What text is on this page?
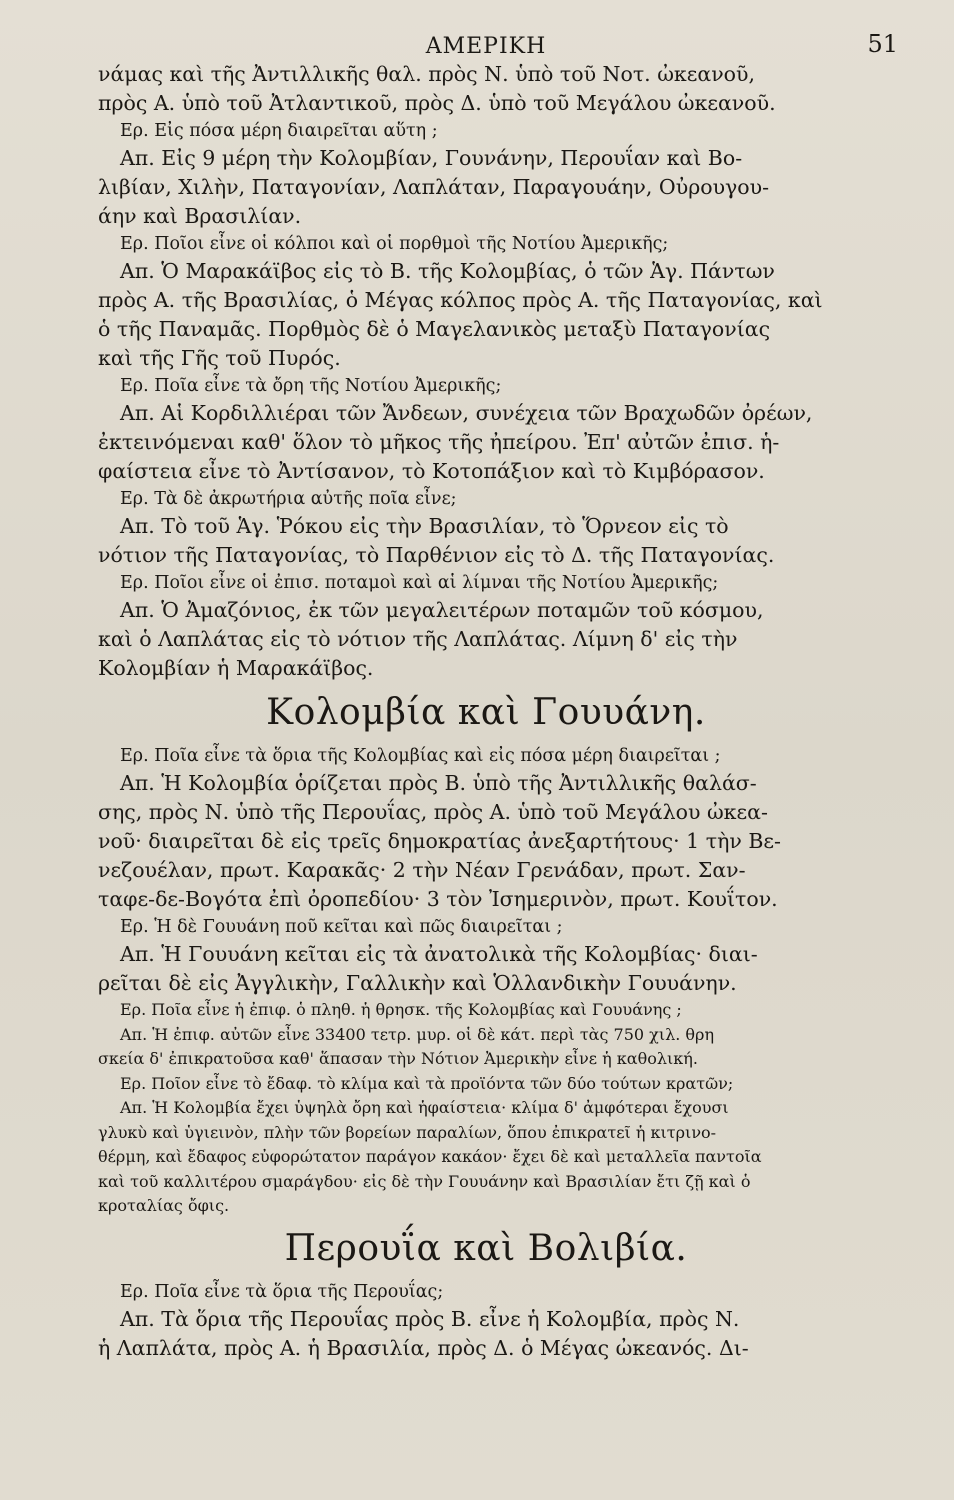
ΑΜΕΡΙΚΗ	51
νάμας καὶ τῆς Ἀντιλλικῆς θαλ. πρὸς Ν. ὑπὸ τοῦ Νοτ. ὠκεανοῦ,
πρὸς Α. ὑπὸ τοῦ Ἀτλαντικοῦ, πρὸς Δ. ὑπὸ τοῦ Μεγάλου ὠκεανοῦ.
Ερ. Εἰς πόσα μέρη διαιρεῖται αὕτη ;
Απ. Εἰς 9 μέρη τὴν Κολομβίαν, Γουνάνην, Περουΐαν καὶ Βο-
λιβίαν, Χιλὴν, Παταγονίαν, Λαπλάταν, Παραγουάην, Οὐρουγου-
άην καὶ Βρασιλίαν.
Ερ. Ποῖοι εἶνε οἱ κόλποι καὶ οἱ πορθμοὶ τῆς Νοτίου Ἀμερικῆς;
Απ. Ὁ Μαρακάϊβος εἰς τὸ Β. τῆς Κολομβίας, ὁ τῶν Ἁγ. Πάντων
πρὸς Α. τῆς Βρασιλίας, ὁ Μέγας κόλπος πρὸς Α. τῆς Παταγονίας, καὶ
ὁ τῆς Παναμᾶς. Πορθμὸς δὲ ὁ Μαγελανικὸς μεταξὺ Παταγονίας
καὶ τῆς Γῆς τοῦ Πυρός.
Ερ. Ποῖα εἶνε τὰ ὄρη τῆς Νοτίου Ἀμερικῆς;
Απ. Αἱ Κορδιλλιέραι τῶν Ἄνδεων, συνέχεια τῶν Βραχωδῶν ὀρέων,
ἐκτεινόμεναι καθ' ὅλον τὸ μῆκος τῆς ἠπείρου. Ἐπ' αὐτῶν ἐπισ. ἡ-
φαίστεια εἶνε τὸ Ἀντίσανον, τὸ Κοτοπάξιον καὶ τὸ Κιμβόρασον.
Ερ. Τὰ δὲ ἀκρωτήρια αὐτῆς ποῖα εἶνε;
Απ. Τὸ τοῦ Ἁγ. Ῥόκου εἰς τὴν Βρασιλίαν, τὸ Ὅρνεον εἰς τὸ
νότιον τῆς Παταγονίας, τὸ Παρθένιον εἰς τὸ Δ. τῆς Παταγονίας.
Ερ. Ποῖοι εἶνε οἱ ἐπισ. ποταμοὶ καὶ αἱ λίμναι τῆς Νοτίου Ἀμερικῆς;
Απ. Ὁ Ἀμαζόνιος, ἐκ τῶν μεγαλειτέρων ποταμῶν τοῦ κόσμου,
καὶ ὁ Λαπλάτας εἰς τὸ νότιον τῆς Λαπλάτας. Λίμνη δ' εἰς τὴν
Κολομβίαν ἡ Μαρακάϊβος.
Κολομβία καὶ Γουυάνη.
Ερ. Ποῖα εἶνε τὰ ὅρια τῆς Κολομβίας καὶ εἰς πόσα μέρη διαιρεῖται ;
Απ. Ἡ Κολομβία ὁρίζεται πρὸς Β. ὑπὸ τῆς Ἀντιλλικῆς θαλάσ-
σης, πρὸς Ν. ὑπὸ τῆς Περουΐας, πρὸς Α. ὑπὸ τοῦ Μεγάλου ὠκεα-
νοῦ· διαιρεῖται δὲ εἰς τρεῖς δημοκρατίας ἀνεξαρτήτους· 1 τὴν Βε-
νεζουέλαν, πρωτ. Καρακᾶς· 2 τὴν Νέαν Γρενάδαν, πρωτ. Σαν-
ταφε-δε-Βογότα ἐπὶ ὀροπεδίου· 3 τὸν Ἰσημερινὸν, πρωτ. Κουΐτον.
Ερ. Ἡ δὲ Γουυάνη ποῦ κεῖται καὶ πῶς διαιρεῖται ;
Απ. Ἡ Γουυάνη κεῖται εἰς τὰ ἀνατολικὰ τῆς Κολομβίας· διαι-
ρεῖται δὲ εἰς Ἀγγλικὴν, Γαλλικὴν καὶ Ὁλλανδικὴν Γουυάνην.
Ερ. Ποῖα εἶνε ἡ ἐπιφ. ὁ πληθ. ἡ θρησκ. τῆς Κολομβίας καὶ Γουυάνης ;
Απ. Ἡ ἐπιφ. αὐτῶν εἶνε 33400 τετρ. μυρ. οἱ δὲ κάτ. περὶ τὰς 750 χιλ. θρη
σκεία δ' ἐπικρατοῦσα καθ' ἅπασαν τὴν Νότιον Ἀμερικὴν εἶνε ἡ καθολική.
Ερ. Ποῖον εἶνε τὸ ἔδαφ. τὸ κλίμα καὶ τὰ προϊόντα τῶν δύο τούτων κρατῶν;
Απ. Ἡ Κολομβία ἔχει ὑψηλὰ ὄρη καὶ ἡφαίστεια· κλίμα δ' ἀμφότεραι ἔχουσι
γλυκὺ καὶ ὑγιεινὸν, πλὴν τῶν βορείων παραλίων, ὅπου ἐπικρατεῖ ἡ κιτρινο-
θέρμη, καὶ ἔδαφος εὐφορώτατον παράγον κακάον· ἔχει δὲ καὶ μεταλλεῖα παντοῖα
καὶ τοῦ καλλιτέρου σμαράγδου· εἰς δὲ τὴν Γουυάνην καὶ Βρασιλίαν ἔτι ζῇ καὶ ὁ
κροταλίας ὄφις.
Περουΐα καὶ Βολιβία.
Ερ. Ποῖα εἶνε τὰ ὅρια τῆς Περουΐας;
Απ. Τὰ ὅρια τῆς Περουΐας πρὸς Β. εἶνε ἡ Κολομβία, πρὸς Ν.
ἡ Λαπλάτα, πρὸς Α. ἡ Βρασιλία, πρὸς Δ. ὁ Μέγας ὠκεανός. Δι-
